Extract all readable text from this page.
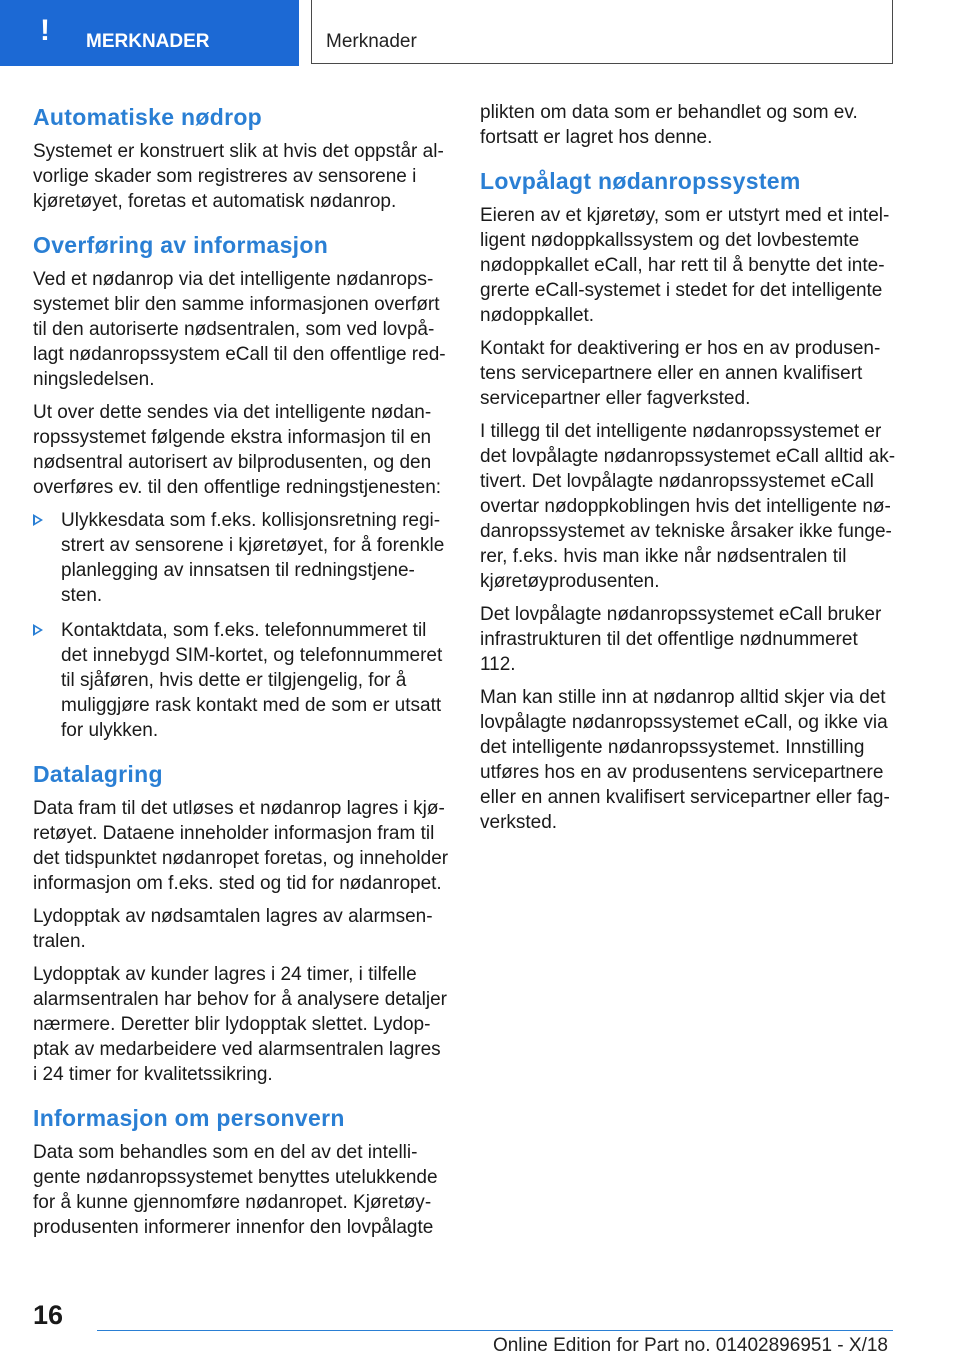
! MERKNADER	Merknader
Automatiske nødrop

Systemet er konstruert slik at hvis det oppstår alvorlige skader som registreres av sensorene i kjøretøyet, foretas et automatisk nødanrop.

Overføring av informasjon

Ved et nødanrop via det intelligente nødanropssystemet blir den samme informasjonen overført til den autoriserte nødsentralen, som ved lovpålagt nødanropssystem eCall til den offentlige redningsledelsen.

Ut over dette sendes via det intelligente nødanropssystemet følgende ekstra informasjon til en nødsentral autorisert av bilprodusenten, og den overføres ev. til den offentlige redningstjenesten:

Ulykkesdata som f.eks. kollisjonsretning registrert av sensorene i kjøretøyet, for å forenkle planlegging av innsatsen til redningstjenesten.
Kontaktdata, som f.eks. telefonnummeret til det innebygd SIM-kortet, og telefonnummeret til sjåføren, hvis dette er tilgjengelig, for å muliggjøre rask kontakt med de som er utsatt for ulykken.
Datalagring

Data fram til det utløses et nødanrop lagres i kjøretøyet. Dataene inneholder informasjon fram til det tidspunktet nødanropet foretas, og inneholder informasjon om f.eks. sted og tid for nødanropet.

Lydopptak av nødsamtalen lagres av alarmsentralen.

Lydopptak av kunder lagres i 24 timer, i tilfelle alarmsentralen har behov for å analysere detaljer nærmere. Deretter blir lydopptak slettet. Lydopptak av medarbeidere ved alarmsentralen lagres i 24 timer for kvalitetssikring.

Informasjon om personvern

Data som behandles som en del av det intelligente nødanropssystemet benyttes utelukkende for å kunne gjennomføre nødanropet. Kjøretøyprodusenten informerer innenfor den lovpålagte

plikten om data som er behandlet og som ev. fortsatt er lagret hos denne.

Lovpålagt nødanropssystem

Eieren av et kjøretøy, som er utstyrt med et intelligent nødoppkallssystem og det lovbestemte nødoppkallet eCall, har rett til å benytte det integrerte eCall-systemet i stedet for det intelligente nødoppkallet.

Kontakt for deaktivering er hos en av produsentens servicepartnere eller en annen kvalifisert servicepartner eller fagverksted.

I tillegg til det intelligente nødanropssystemet er det lovpålagte nødanropssystemet eCall alltid aktivert. Det lovpålagte nødanropssystemet eCall overtar nødoppkoblingen hvis det intelligente nødanropssystemet av tekniske årsaker ikke fungerer, f.eks. hvis man ikke når nødsentralen til kjøretøyprodusenten.

Det lovpålagte nødanropssystemet eCall bruker infrastrukturen til det offentlige nødnummeret 112.

Man kan stille inn at nødanrop alltid skjer via det lovpålagte nødanropssystemet eCall, og ikke via det intelligente nødanropssystemet. Innstilling utføres hos en av produsentens servicepartnere eller en annen kvalifisert servicepartner eller fagverksted.

16
Online Edition for Part no. 01402896951 - X/18
